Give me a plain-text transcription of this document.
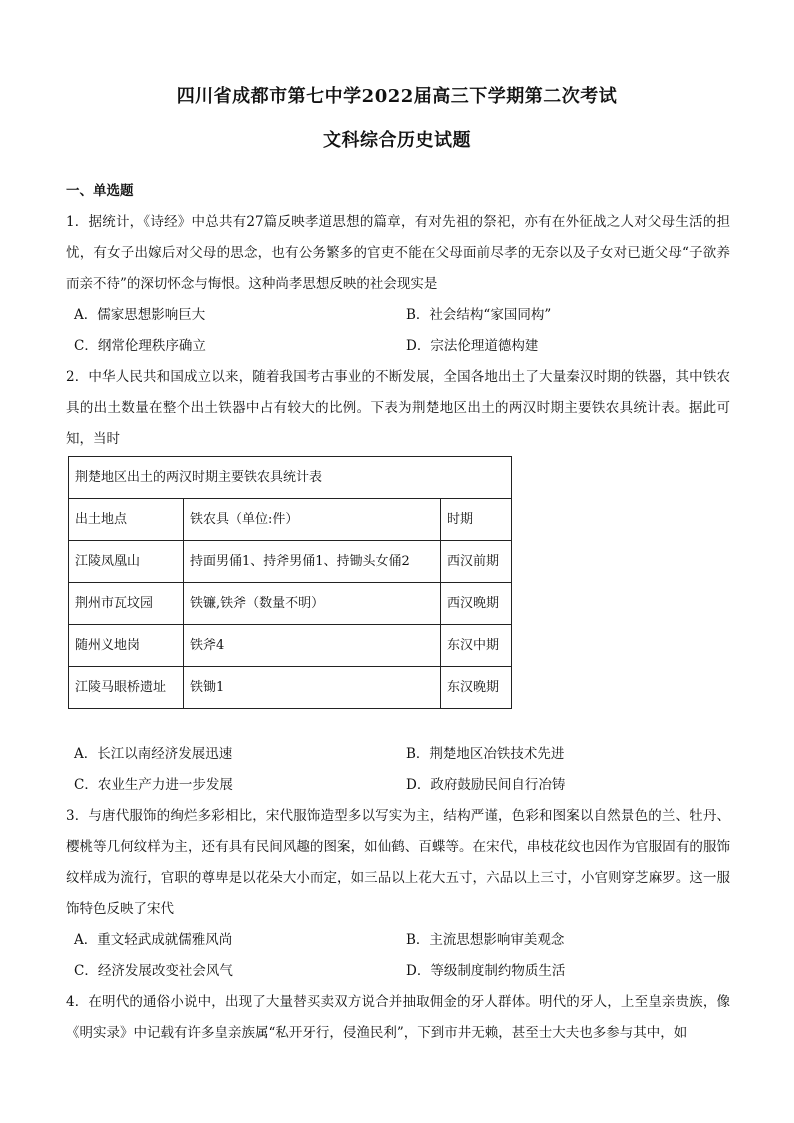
四川省成都市第七中学2022届高三下学期第二次考试
文科综合历史试题
一、单选题

1．据统计，《诗经》中总共有27篇反映孝道思想的篇章，有对先祖的祭祀，亦有在外征战之人对父母生活的担忧，有女子出嫁后对父母的思念，也有公务繁多的官吏不能在父母面前尽孝的无奈以及子女对已逝父母“子欲养而亲不待”的深切怀念与悔恨。这种尚孝思想反映的社会现实是

A．儒家思想影响巨大	B．社会结构“家国同构”
C．纲常伦理秩序确立	D．宗法伦理道德构建

2．中华人民共和国成立以来，随着我国考古事业的不断发展，全国各地出土了大量秦汉时期的铁器，其中铁农具的出土数量在整个出土铁器中占有较大的比例。下表为荆楚地区出土的两汉时期主要铁农具统计表。据此可知，当时

荆楚地区出土的两汉时期主要铁农具统计表		
出土地点	铁农具（单位:件）	时期
江陵凤凰山	持面男俑1、持斧男俑1、持锄头女俑2	西汉前期
荆州市瓦坟园	铁镰,铁斧（数量不明）	西汉晚期
随州义地岗	铁斧4	东汉中期
江陵马眼桥遗址	铁锄1	东汉晚期
A．长江以南经济发展迅速	B．荆楚地区冶铁技术先进
C．农业生产力进一步发展	D．政府鼓励民间自行冶铸

3．与唐代服饰的绚烂多彩相比，宋代服饰造型多以写实为主，结构严谨，色彩和图案以自然景色的兰、牡丹、樱桃等几何纹样为主，还有具有民间风趣的图案，如仙鹤、百蝶等。在宋代，串枝花纹也因作为官服固有的服饰纹样成为流行，官职的尊卑是以花朵大小而定，如三品以上花大五寸，六品以上三寸，小官则穿芝麻罗。这一服饰特色反映了宋代

A．重文轻武成就儒雅风尚	B．主流思想影响审美观念
C．经济发展改变社会风气	D．等级制度制约物质生活

4．在明代的通俗小说中，出现了大量替买卖双方说合并抽取佣金的牙人群体。明代的牙人，上至皇亲贵族，像《明实录》中记载有许多皇亲族属“私开牙行，侵渔民利”，下到市井无赖，甚至士大夫也多参与其中，如
